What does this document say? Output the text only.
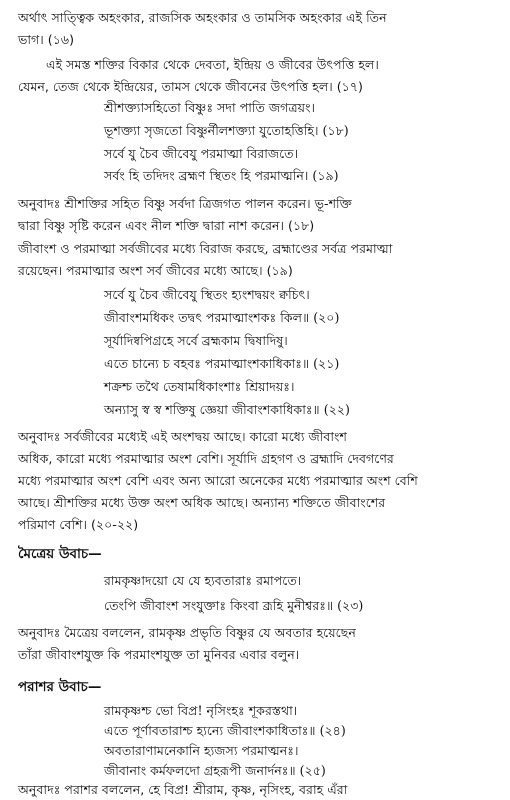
অর্থাৎ সাত্ত্বিক অহংকার, রাজসিক অহংকার ও তামসিক অহংকার এই তিন
ভাগ। (১৬)
এই সমস্ত শক্তির বিকার থেকে দেবতা, ইন্দ্রিয় ও জীবের উৎপত্তি হল।
যেমন, তেজ থেকে ইন্দ্রিয়ের, তামস থেকে জীবনের উৎপত্তি হল। (১৭)
শ্রীশক্ত্যাসহিতো বিষ্ণুঃ সদা পাতি জগত্রয়ং।
ভূশক্ত্যা সৃজতো বিষ্ণুর্নীলশক্ত্যা যুতোহত্তিহি। (১৮)
সর্বে যু চৈব জীবেযু পরমাত্মা বিরাজতে।
সর্বং হি তদিদং ব্রহ্মণ স্থিতং হি পরমাত্মনি। (১৯)
অনুবাদঃ শ্রীশক্তির সহিত বিষ্ণু সর্বদা ত্রিজগত পালন করেন। ভূ-শক্তি
দ্বারা বিষ্ণু সৃষ্টি করেন এবং নীল শক্তি দ্বারা নাশ করেন। (১৮)
জীবাংশ ও পরমাত্মা সর্বজীবের মধ্যে বিরাজ করছে, ব্রহ্মাণ্ডের সর্বত্র পরমাত্মা
রয়েছেন। পরমাত্মার অংশ সর্ব জীবের মধ্যে আছে। (১৯)
সর্বে যু চৈব জীবেযু স্থিতং হ্যংশদ্বয়ং ক্বচিৎ।
জীবাংশমধিকং তদ্বৎ পরমাত্মাংশকঃ কিল॥ (২০)
সূর্যাদিষ্বপিগ্রহে সর্বে ব্রহ্মকাম দ্বিষাদিষু।
এতে চান্যে চ বহবঃ পরমাত্মাংশকাধিকাঃ॥ (২১)
শক্রশ্চ তথৈ তেষামধিকাংশাঃ শ্রিয়াদয়ঃ।
অন্যাসু স্ব স্ব শক্তিষু জ্ঞেয়া জীবাংশকাধিকাঃ॥ (২২)
অনুবাদঃ সর্বজীবের মধ্যেই এই অংশদ্বয় আছে। কারো মধ্যে জীবাংশ
অধিক, কারো মধ্যে পরমাত্মার অংশ বেশি। সূর্যাদি গ্রহগণ ও ব্রহ্মাদি দেবগণের
মধ্যে পরমাত্মার অংশ বেশি এবং অন্য আরো অনেকের মধ্যে পরমাত্মার অংশ বেশি
আছে। শ্রীশক্তির মধ্যে উক্ত অংশ অধিক আছে। অন্যান্য শক্তিতে জীবাংশের
পরিমাণ বেশি। (২০-২২)
মৈত্রেয় উবাচ—
রামকৃষ্ণাদয়ো যে যে হ্যবতারাঃ রমাপতে।
তেংপি জীবাংশ সংযুক্তাঃ কিংবা ব্রূহি মুনীশ্বরঃ॥ (২৩)
অনুবাদঃ মৈত্রেয় বললেন, রামকৃষ্ণ প্রভৃতি বিষ্ণুর যে অবতার হয়েছেন
তাঁরা জীবাংশযুক্ত কি পরমাংশযুক্ত তা মুনিবর এবার বলুন।
পরাশর উবাচ—
রামকৃষ্ণশ্চ ভো বিপ্র! নৃসিংহঃ শূকরস্তথা।
এতে পূর্ণাবতারাশ্চ হ্যন্যে জীবাংশকাধিতাঃ॥ (২৪)
অবতারাণামনেকানি হ্যজস্য পরমাত্মনঃ।
জীবানাং কর্মফলদো গ্রহরূপী জনার্দনঃ॥ (২৫)
অনুবাদঃ পরাশর বললেন, হে বিপ্র! শ্রীরাম, কৃষ্ণ, নৃসিংহ, বরাহ এঁরা
